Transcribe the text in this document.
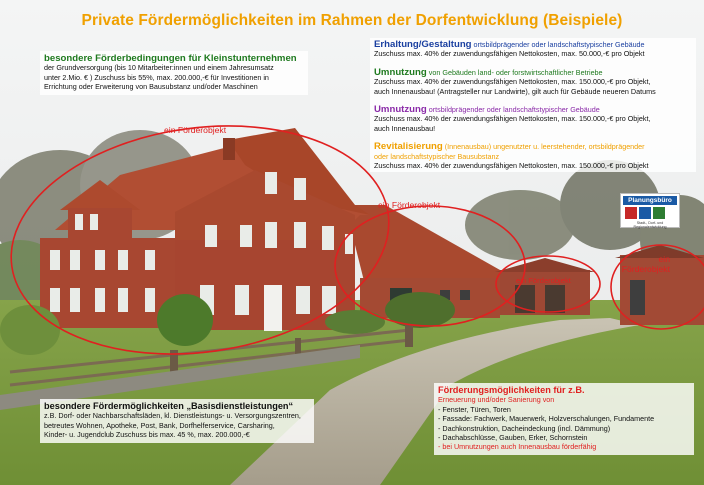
Private Fördermöglichkeiten im Rahmen der Dorfentwicklung (Beispiele)
besondere Förderbedingungen für Kleinstunternehmen
der Grundversorgung (bis 10 Mitarbeiter:innen und einem Jahresumsatz
unter 2.Mio. € ) Zuschuss bis 55%, max. 200.000,-€ für Investitionen in
Errichtung oder Erweiterung von Bausubstanz und/oder Maschinen
Erhaltung/Gestaltung ortsbildprägender oder landschaftstypischer Gebäude
Zuschuss max. 40% der zuwendungsfähigen Nettokosten, max. 50.000,-€ pro Objekt
Umnutzung von Gebäuden land- oder forstwirtschaftlicher Betriebe
Zuschuss max. 40% der zuwendungsfähigen Nettokosten, max. 150.000,-€ pro Objekt,
auch Innenausbau! (Antragsteller nur Landwirte), gilt auch für Gebäude neueren Datums
Umnutzung ortsbildprägender oder landschaftstypischer Gebäude
Zuschuss max. 40% der zuwendungsfähigen Nettokosten, max. 150.000,-€ pro Objekt,
auch Innenausbau!
Revitalisierung (Innenausbau) ungenutzter u. leerstehender, ortsbildprägender
oder landschaftstypischer Bausubstanz
Zuschuss max. 40% der zuwendungsfähigen Nettokosten, max. 150.000,-€ pro Objekt
Planungsbüro
Stadt-, Dorf- und Regionalentwicklung
ein Förderobjekt
ein Förderobjekt
ein Förderobjekt
ein Förderobjekt
besondere Fördermöglichkeiten „Basisdienstleistungen“
z.B. Dorf- oder Nachbarschaftsläden, kl. Dienstleistungs- u. Versorgungszentren,
betreutes Wohnen, Apotheke, Post, Bank, Dorfhelferservice, Carsharing,
Kinder- u. Jugendclub Zuschuss bis max. 45 %, max. 200.000,-€
Förderungsmöglichkeiten für z.B.
Erneuerung und/oder Sanierung von
- Fenster, Türen, Toren
- Fassade: Fachwerk, Mauerwerk, Holzverschalungen, Fundamente
- Dachkonstruktion, Dacheindeckung (incl. Dämmung)
- Dachabschlüsse, Gauben, Erker, Schornstein
- bei Umnutzungen auch Innenausbau förderfähig
